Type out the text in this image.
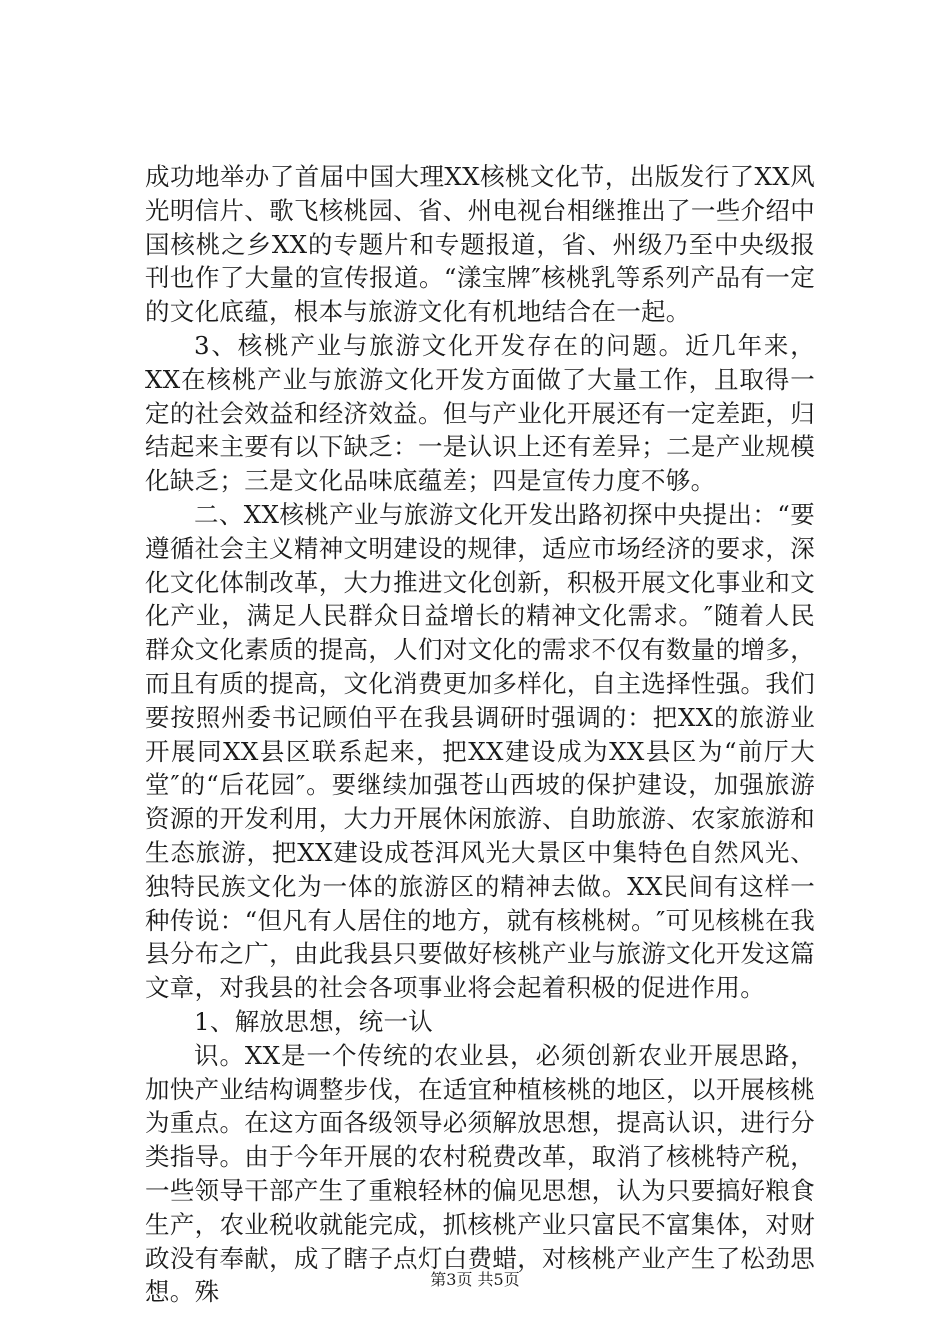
成功地举办了首届中国大理XX核桃文化节，出版发行了XX风光明信片、歌飞核桃园、省、州电视台相继推出了一些介绍中国核桃之乡XX的专题片和专题报道，省、州级乃至中央级报刊也作了大量的宣传报道。“漾宝牌″核桃乳等系列产品有一定的文化底蕴，根本与旅游文化有机地结合在一起。

3、核桃产业与旅游文化开发存在的问题。近几年来，XX在核桃产业与旅游文化开发方面做了大量工作，且取得一定的社会效益和经济效益。但与产业化开展还有一定差距，归结起来主要有以下缺乏：一是认识上还有差异；二是产业规模化缺乏；三是文化品味底蕴差；四是宣传力度不够。

二、XX核桃产业与旅游文化开发出路初探中央提出：“要遵循社会主义精神文明建设的规律，适应市场经济的要求，深化文化体制改革，大力推进文化创新，积极开展文化事业和文化产业，满足人民群众日益增长的精神文化需求。″随着人民群众文化素质的提高，人们对文化的需求不仅有数量的增多，而且有质的提高，文化消费更加多样化，自主选择性强。我们要按照州委书记顾伯平在我县调研时强调的：把XX的旅游业开展同XX县区联系起来，把XX建设成为XX县区为“前厅大堂″的“后花园″。要继续加强苍山西坡的保护建设，加强旅游资源的开发利用，大力开展休闲旅游、自助旅游、农家旅游和生态旅游，把XX建设成苍洱风光大景区中集特色自然风光、独特民族文化为一体的旅游区的精神去做。XX民间有这样一种传说：“但凡有人居住的地方，就有核桃树。″可见核桃在我县分布之广，由此我县只要做好核桃产业与旅游文化开发这篇文章，对我县的社会各项事业将会起着积极的促进作用。

1、解放思想，统一认

识。XX是一个传统的农业县，必须创新农业开展思路，加快产业结构调整步伐，在适宜种植核桃的地区，以开展核桃为重点。在这方面各级领导必须解放思想，提高认识，进行分类指导。由于今年开展的农村税费改革，取消了核桃特产税，一些领导干部产生了重粮轻林的偏见思想，认为只要搞好粮食生产，农业税收就能完成，抓核桃产业只富民不富集体，对财政没有奉献，成了瞎子点灯白费蜡，对核桃产业产生了松劲思想。殊	第3页 共5页
